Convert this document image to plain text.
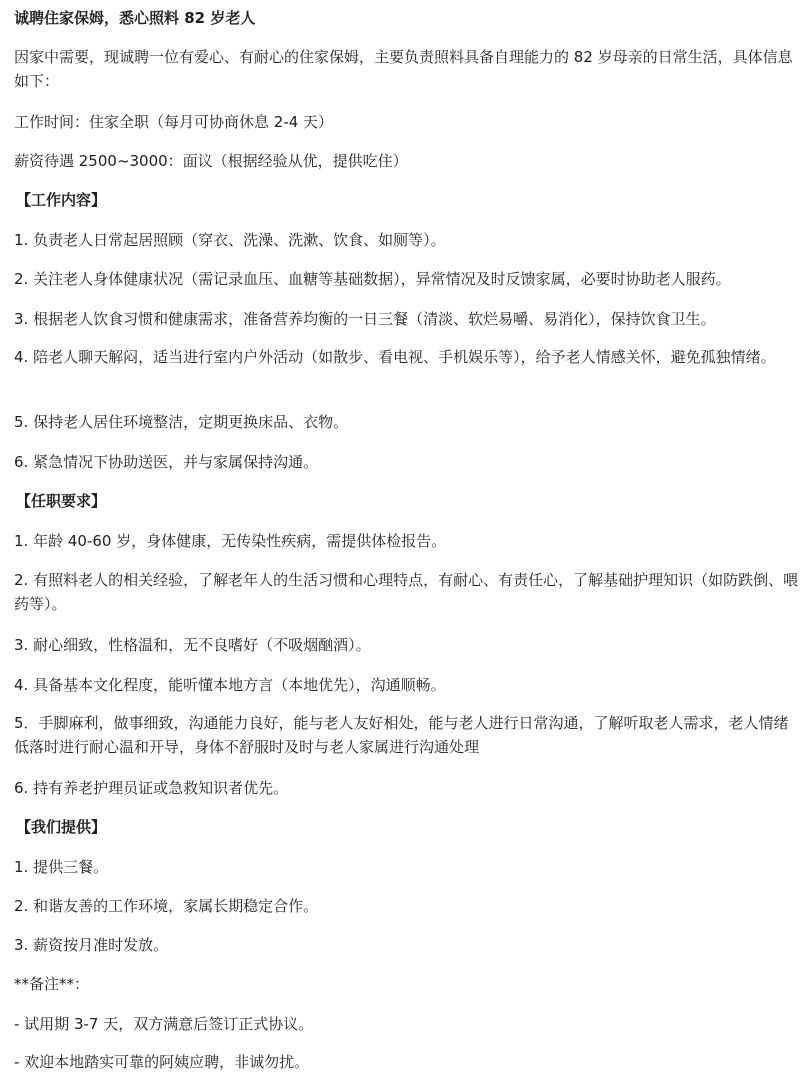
诚聘住家保姆，悉心照料 82 岁老人

因家中需要，现诚聘一位有爱心、有耐心的住家保姆，主要负责照料具备自理能力的 82 岁母亲的日常生活，具体信息如下：

工作时间：住家全职（每月可协商休息 2-4 天）

薪资待遇 2500~3000：面议（根据经验从优，提供吃住）

【工作内容】

1. 负责老人日常起居照顾（穿衣、洗澡、洗漱、饮食、如厕等）。

2. 关注老人身体健康状况（需记录血压、血糖等基础数据），异常情况及时反馈家属，必要时协助老人服药。

3. 根据老人饮食习惯和健康需求，准备营养均衡的一日三餐（清淡、软烂易嚼、易消化），保持饮食卫生。

4. 陪老人聊天解闷，适当进行室内户外活动（如散步、看电视、手机娱乐等），给予老人情感关怀，避免孤独情绪。

5. 保持老人居住环境整洁，定期更换床品、衣物。

6. 紧急情况下协助送医，并与家属保持沟通。

【任职要求】

1. 年龄 40-60 岁，身体健康，无传染性疾病，需提供体检报告。

2. 有照料老人的相关经验，了解老年人的生活习惯和心理特点，有耐心、有责任心，了解基础护理知识（如防跌倒、喂药等）。

3. 耐心细致，性格温和，无不良嗜好（不吸烟酗酒）。

4. 具备基本文化程度，能听懂本地方言（本地优先），沟通顺畅。

5．手脚麻利，做事细致，沟通能力良好，能与老人友好相处，能与老人进行日常沟通，了解听取老人需求，老人情绪低落时进行耐心温和开导，身体不舒服时及时与老人家属进行沟通处理

6. 持有养老护理员证或急救知识者优先。

【我们提供】

1. 提供三餐。

2. 和谐友善的工作环境，家属长期稳定合作。

3. 薪资按月准时发放。

**备注**：

- 试用期 3-7 天，双方满意后签订正式协议。

- 欢迎本地踏实可靠的阿姨应聘，非诚勿扰。
